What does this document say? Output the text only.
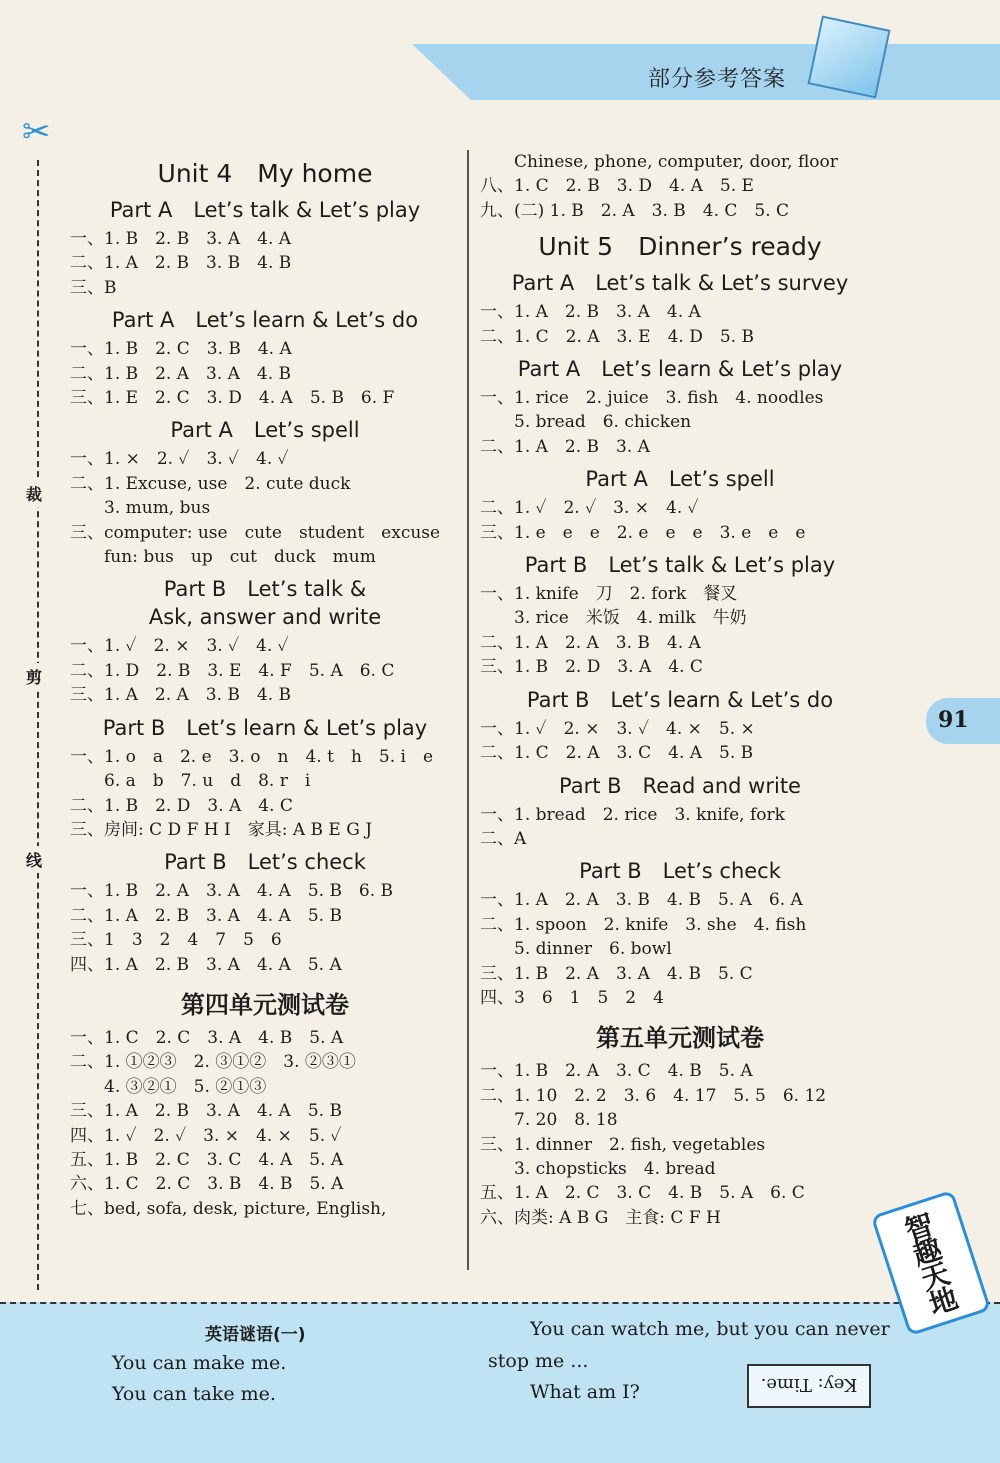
部分参考答案
✂
裁
剪
线
Unit 4　My home
Part A　Let’s talk & Let’s play
一、1. B　2. B　3. A　4. A
二、1. A　2. B　3. B　4. B
三、B
Part A　Let’s learn & Let’s do
一、1. B　2. C　3. B　4. A
二、1. B　2. A　3. A　4. B
三、1. E　2. C　3. D　4. A　5. B　6. F
Part A　Let’s spell
一、1. ×　2. ✓　3. ✓　4. ✓
二、1. Excuse, use　2. cute duck
　　3. mum, bus
三、computer: use　cute　student　excuse
　　fun: bus　up　cut　duck　mum
Part B　Let’s talk &
Ask, answer and write
一、1. ✓　2. ×　3. ✓　4. ✓
二、1. D　2. B　3. E　4. F　5. A　6. C
三、1. A　2. A　3. B　4. B
Part B　Let’s learn & Let’s play
一、1. o　a　2. e　3. o　n　4. t　h　5. i　e
　　6. a　b　7. u　d　8. r　i
二、1. B　2. D　3. A　4. C
三、房间: C D F H I　家具: A B E G J
Part B　Let’s check
一、1. B　2. A　3. A　4. A　5. B　6. B
二、1. A　2. B　3. A　4. A　5. B
三、1　3　2　4　7　5　6
四、1. A　2. B　3. A　4. A　5. A
第四单元测试卷
一、1. C　2. C　3. A　4. B　5. A
二、1. ①②③　2. ③①②　3. ②③①
　　4. ③②①　5. ②①③
三、1. A　2. B　3. A　4. A　5. B
四、1. ✓　2. ✓　3. ×　4. ×　5. ✓
五、1. B　2. C　3. C　4. A　5. A
六、1. C　2. C　3. B　4. B　5. A
七、bed, sofa, desk, picture, English,
　　Chinese, phone, computer, door, floor
八、1. C　2. B　3. D　4. A　5. E
九、(二) 1. B　2. A　3. B　4. C　5. C
Unit 5　Dinner’s ready
Part A　Let’s talk & Let’s survey
一、1. A　2. B　3. A　4. A
二、1. C　2. A　3. E　4. D　5. B
Part A　Let’s learn & Let’s play
一、1. rice　2. juice　3. fish　4. noodles
　　5. bread　6. chicken
二、1. A　2. B　3. A
Part A　Let’s spell
二、1. ✓　2. ✓　3. ×　4. ✓
三、1. e　e　e　2. e　e　e　3. e　e　e
Part B　Let’s talk & Let’s play
一、1. knife　刀　2. fork　餐叉
　　3. rice　米饭　4. milk　牛奶
二、1. A　2. A　3. B　4. A
三、1. B　2. D　3. A　4. C
Part B　Let’s learn & Let’s do
一、1. ✓　2. ×　3. ✓　4. ×　5. ×
二、1. C　2. A　3. C　4. A　5. B
Part B　Read and write
一、1. bread　2. rice　3. knife, fork
二、A
Part B　Let’s check
一、1. A　2. A　3. B　4. B　5. A　6. A
二、1. spoon　2. knife　3. she　4. fish
　　5. dinner　6. bowl
三、1. B　2. A　3. A　4. B　5. C
四、3　6　1　5　2　4
第五单元测试卷
一、1. B　2. A　3. C　4. B　5. A
二、1. 10　2. 2　3. 6　4. 17　5. 5　6. 12
　　7. 20　8. 18
三、1. dinner　2. fish, vegetables
　　3. chopsticks　4. bread
五、1. A　2. C　3. C　4. B　5. A　6. C
六、肉类: A B G　主食: C F H
91
智趣天地
英语谜语(一)
You can make me.
You can take me.
You can watch me, but you can never
stop me ...
What am I?	Key: Time.
